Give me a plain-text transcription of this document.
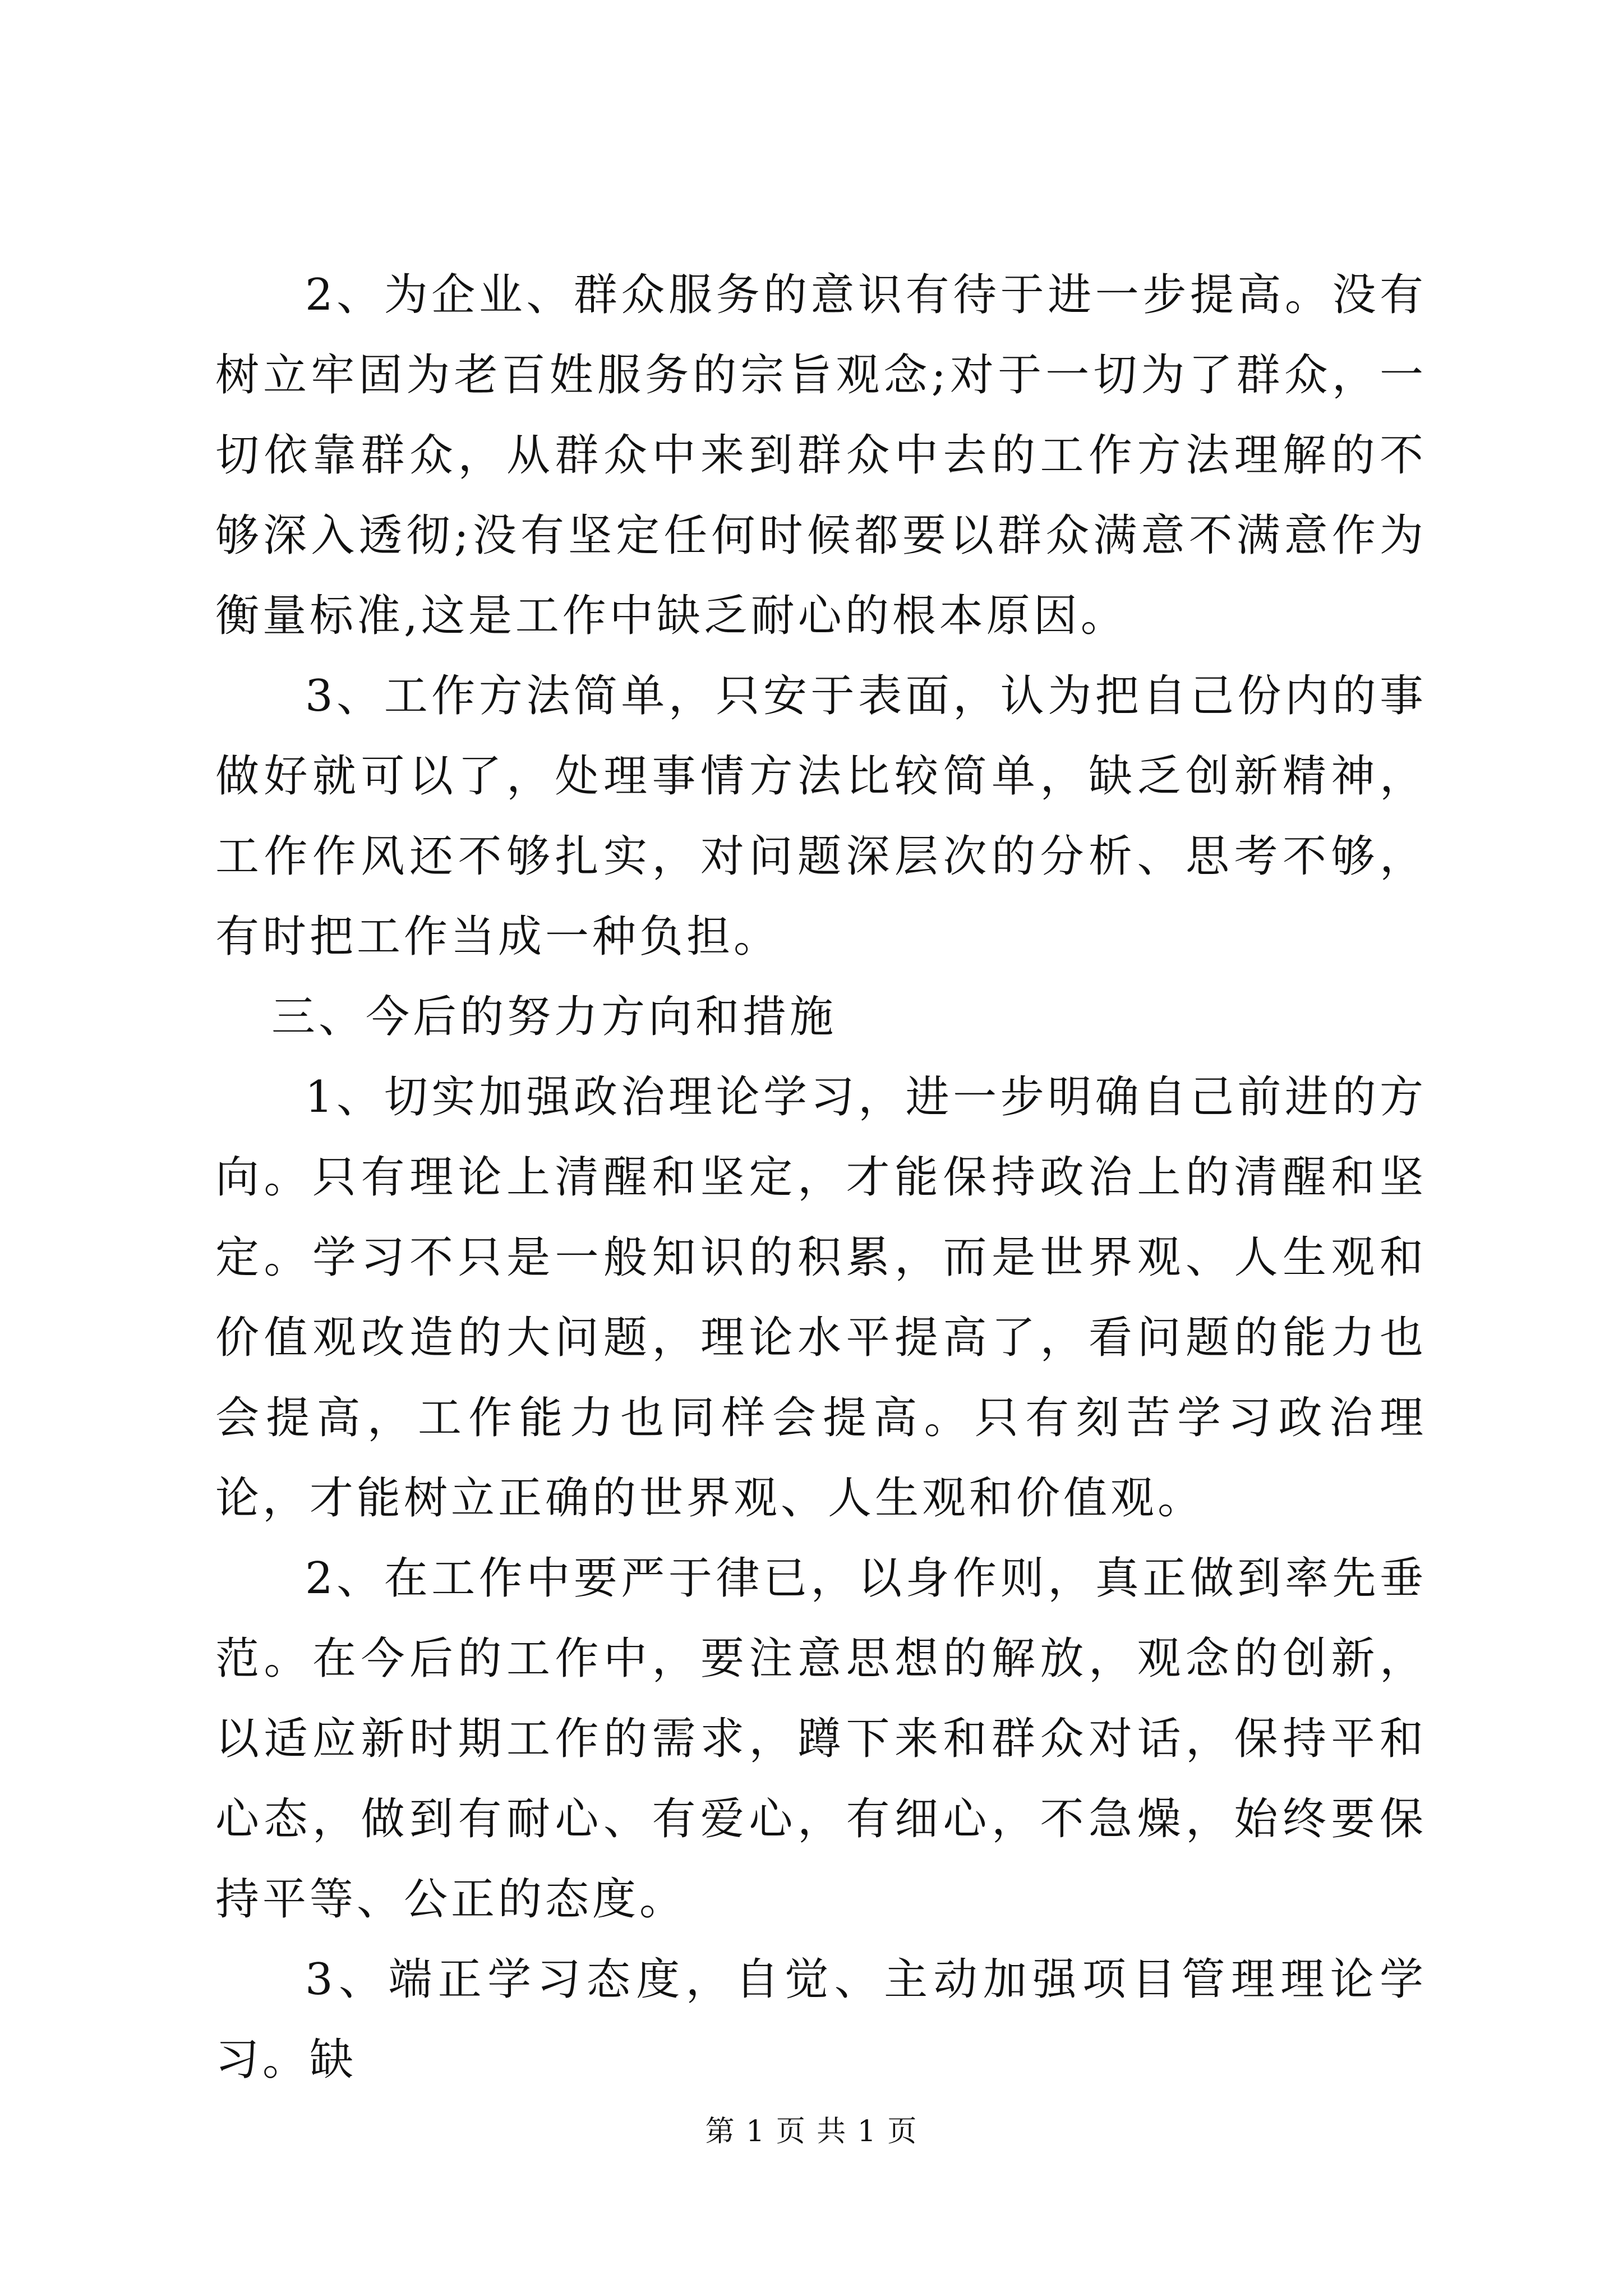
2、为企业、群众服务的意识有待于进一步提高。没有树立牢固为老百姓服务的宗旨观念;对于一切为了群众，一切依靠群众，从群众中来到群众中去的工作方法理解的不够深入透彻;没有坚定任何时候都要以群众满意不满意作为衡量标准,这是工作中缺乏耐心的根本原因。

3、工作方法简单，只安于表面，认为把自己份内的事做好就可以了，处理事情方法比较简单，缺乏创新精神，工作作风还不够扎实，对问题深层次的分析、思考不够，有时把工作当成一种负担。

三、今后的努力方向和措施

1、切实加强政治理论学习，进一步明确自己前进的方向。只有理论上清醒和坚定，才能保持政治上的清醒和坚定。学习不只是一般知识的积累，而是世界观、人生观和价值观改造的大问题，理论水平提高了，看问题的能力也会提高，工作能力也同样会提高。只有刻苦学习政治理论，才能树立正确的世界观、人生观和价值观。

2、在工作中要严于律已，以身作则，真正做到率先垂范。在今后的工作中，要注意思想的解放，观念的创新，以适应新时期工作的需求，蹲下来和群众对话，保持平和心态，做到有耐心、有爱心，有细心，不急燥，始终要保持平等、公正的态度。

3、端正学习态度，自觉、主动加强项目管理理论学习。缺

第 1 页 共 1 页
